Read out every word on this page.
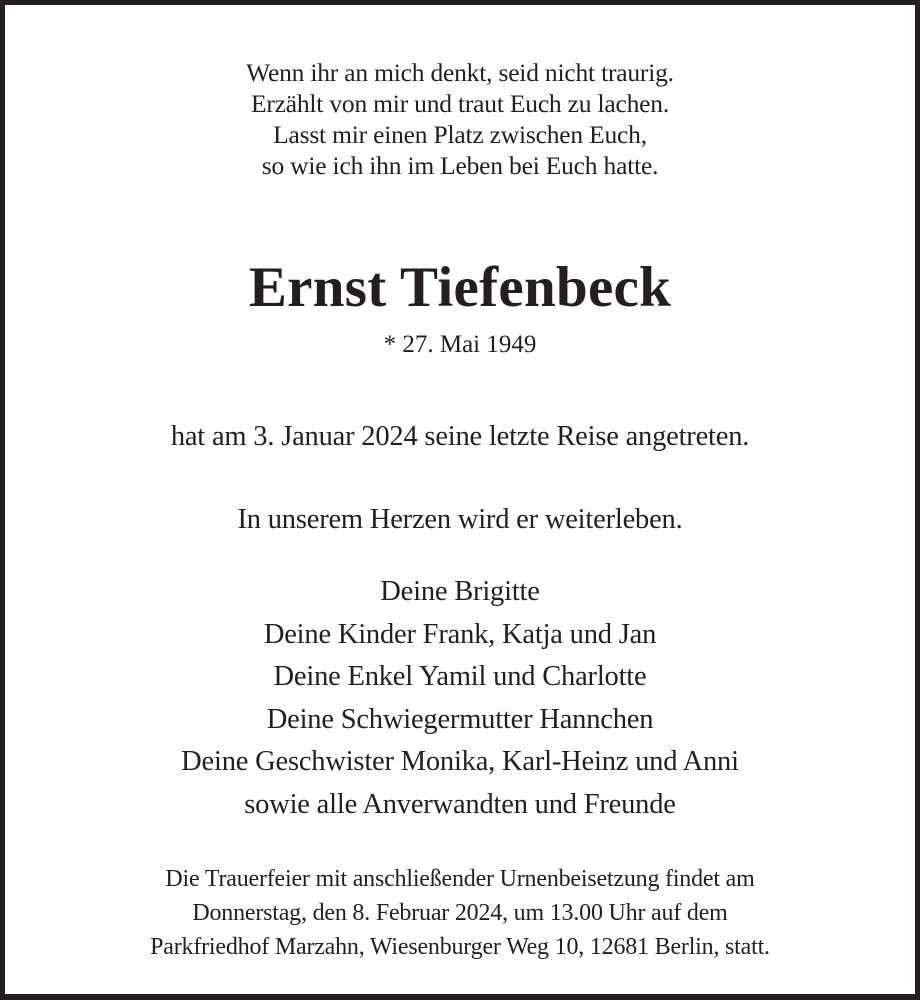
Wenn ihr an mich denkt, seid nicht traurig.
Erzählt von mir und traut Euch zu lachen.
Lasst mir einen Platz zwischen Euch,
so wie ich ihn im Leben bei Euch hatte.
Ernst Tiefenbeck
* 27. Mai 1949
hat am 3. Januar 2024 seine letzte Reise angetreten.
In unserem Herzen wird er weiterleben.
Deine Brigitte
Deine Kinder Frank, Katja und Jan
Deine Enkel Yamil und Charlotte
Deine Schwiegermutter Hannchen
Deine Geschwister Monika, Karl-Heinz und Anni
sowie alle Anverwandten und Freunde
Die Trauerfeier mit anschließender Urnenbeisetzung findet am
Donnerstag, den 8. Februar 2024, um 13.00 Uhr auf dem
Parkfriedhof Marzahn, Wiesenburger Weg 10, 12681 Berlin, statt.
